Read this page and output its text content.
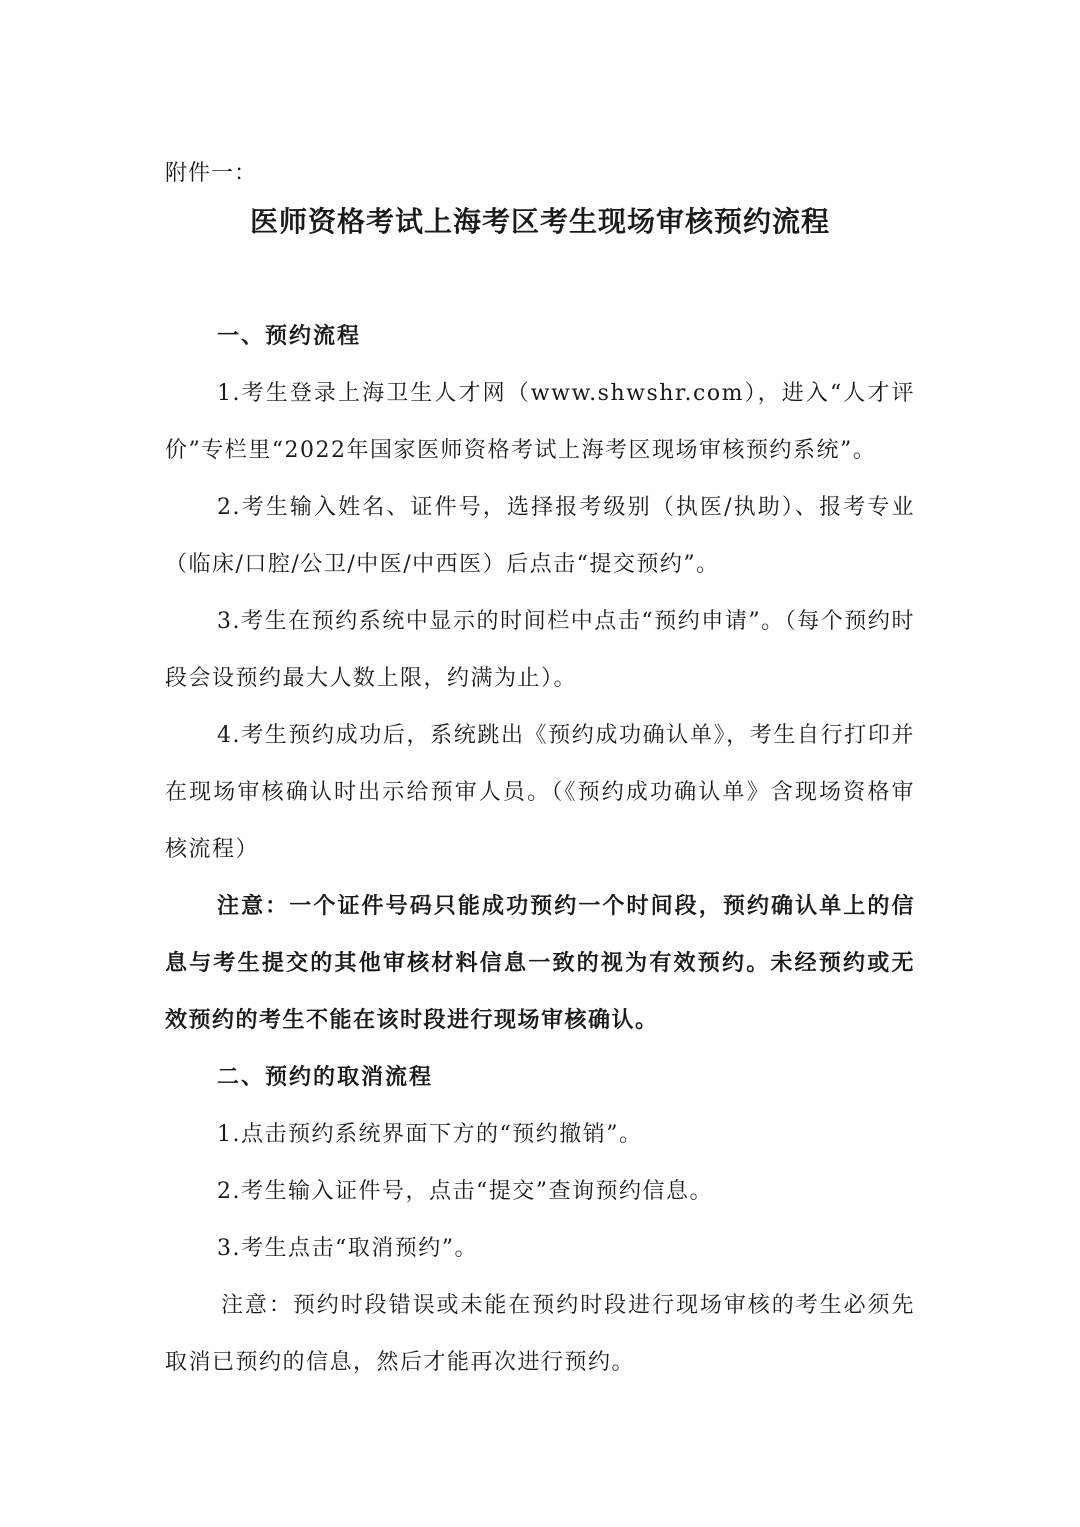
附件一：
医师资格考试上海考区考生现场审核预约流程
一、预约流程

1.考生登录上海卫生人才网（www.shwshr.com），进入“人才评价”专栏里“2022年国家医师资格考试上海考区现场审核预约系统”。

2.考生输入姓名、证件号，选择报考级别（执医/执助）、报考专业（临床/口腔/公卫/中医/中西医）后点击“提交预约”。

3.考生在预约系统中显示的时间栏中点击“预约申请”。（每个预约时段会设预约最大人数上限，约满为止）。

4.考生预约成功后，系统跳出《预约成功确认单》，考生自行打印并在现场审核确认时出示给预审人员。（《预约成功确认单》含现场资格审核流程）

注意：一个证件号码只能成功预约一个时间段，预约确认单上的信息与考生提交的其他审核材料信息一致的视为有效预约。未经预约或无效预约的考生不能在该时段进行现场审核确认。

二、预约的取消流程

1.点击预约系统界面下方的“预约撤销”。

2.考生输入证件号，点击“提交”查询预约信息。

3.考生点击“取消预约”。

注意：预约时段错误或未能在预约时段进行现场审核的考生必须先取消已预约的信息，然后才能再次进行预约。
